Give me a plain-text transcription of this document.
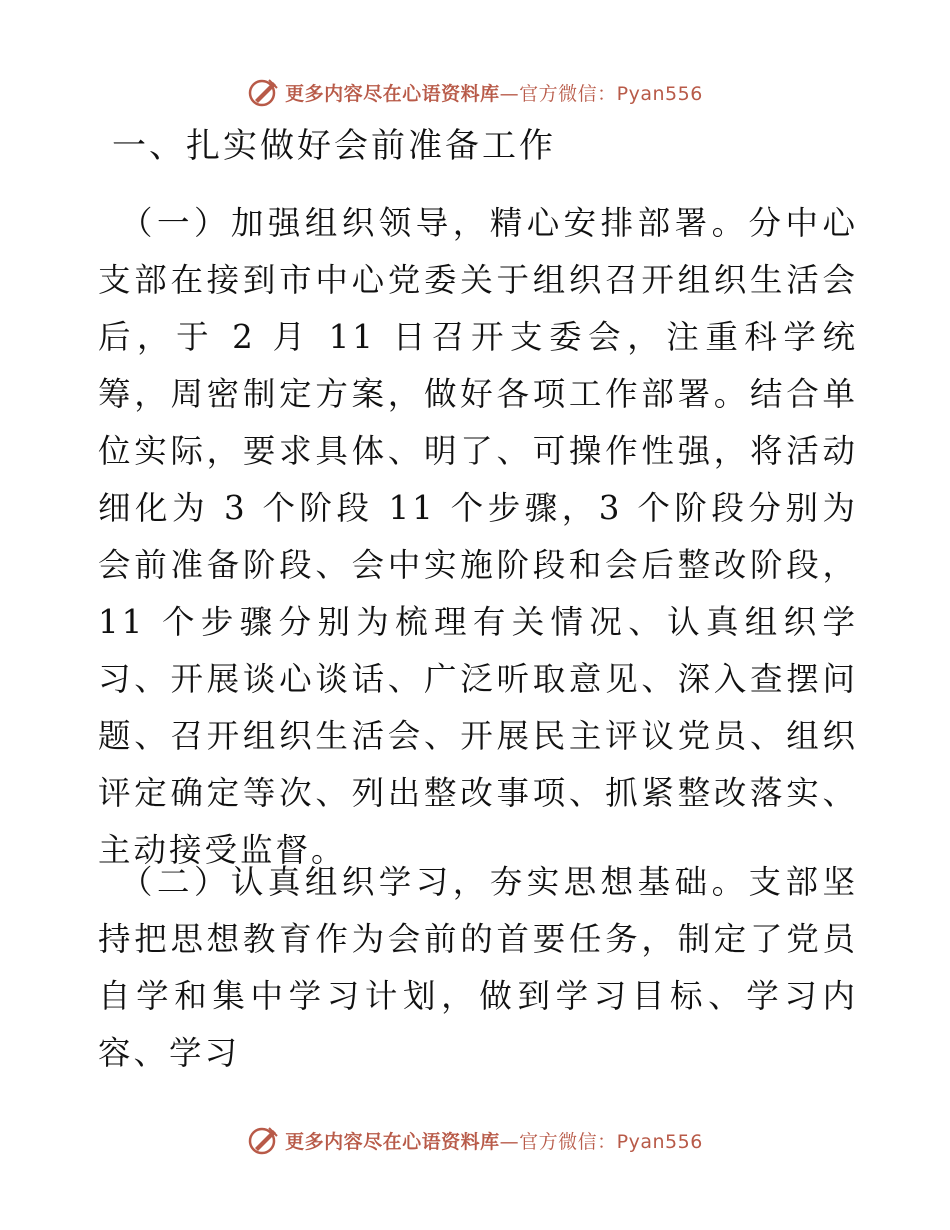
更多内容尽在心语资料库 —官方微信：Pyan556
一、扎实做好会前准备工作

（一）加强组织领导，精心安排部署。分中心支部在接到市中心党委关于组织召开组织生活会后，于 2 月 11 日召开支委会，注重科学统筹，周密制定方案，做好各项工作部署。结合单位实际，要求具体、明了、可操作性强，将活动细化为 3 个阶段 11 个步骤，3 个阶段分别为会前准备阶段、会中实施阶段和会后整改阶段，11 个步骤分别为梳理有关情况、认真组织学习、开展谈心谈话、广泛听取意见、深入查摆问题、召开组织生活会、开展民主评议党员、组织评定确定等次、列出整改事项、抓紧整改落实、主动接受监督。

（二）认真组织学习，夯实思想基础。支部坚持把思想教育作为会前的首要任务，制定了党员自学和集中学习计划，做到学习目标、学习内容、学习

更多内容尽在心语资料库 —官方微信：Pyan556
